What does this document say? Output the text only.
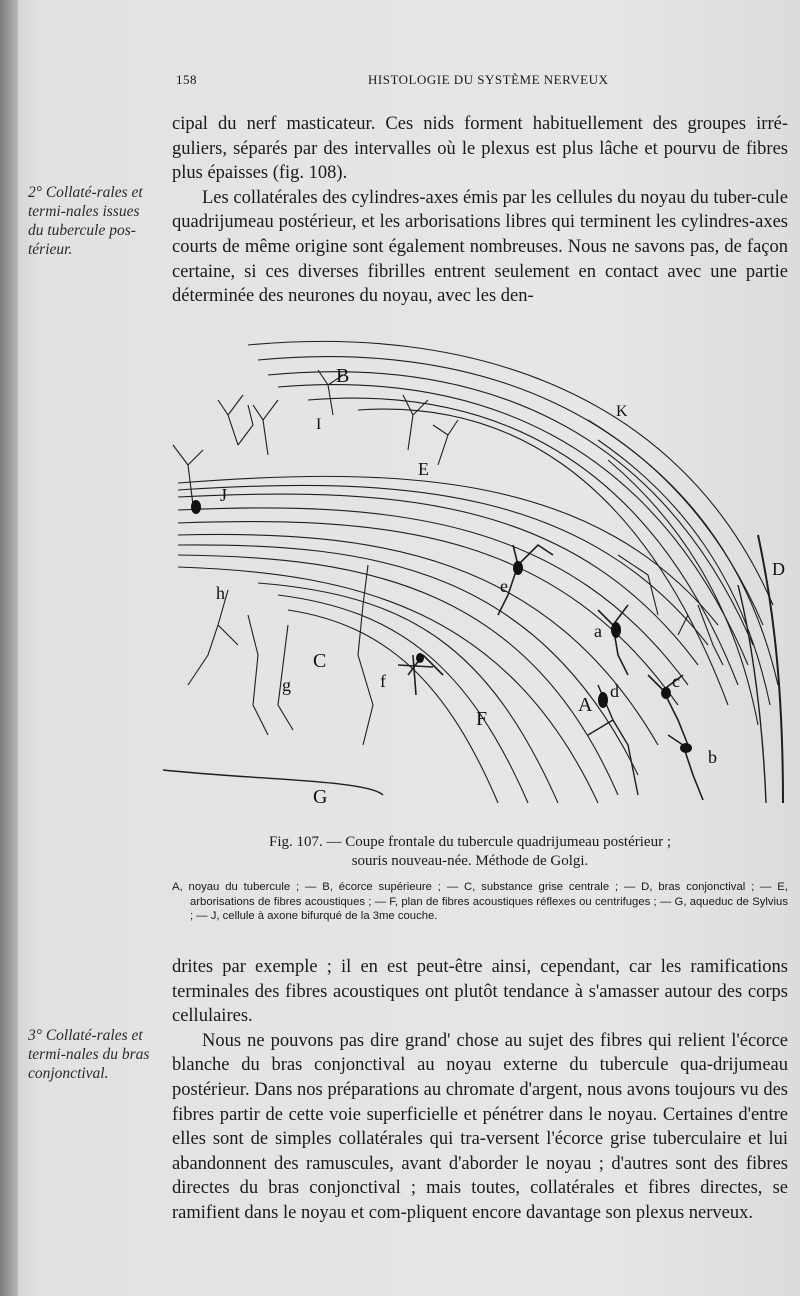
158	HISTOLOGIE DU SYSTÈME NERVEUX
2° Collaté-rales et termi-nales issues du tubercule pos-térieur.

cipal du nerf masticateur. Ces nids forment habituellement des groupes irré-guliers, séparés par des intervalles où le plexus est plus lâche et pourvu de fibres plus épaisses (fig. 108).

Les collatérales des cylindres-axes émis par les cellules du noyau du tuber-cule quadrijumeau postérieur, et les arborisations libres qui terminent les cylindres-axes courts de même origine sont également nombreuses. Nous ne savons pas, de façon certaine, si ces diverses fibrilles entrent seulement en contact avec une partie déterminée des neurones du noyau, avec les den-

B
K
I
E
J
D
h	e
a
C
f
g
A
d	c
b
F
G
Fig. 107. — Coupe frontale du tubercule quadrijumeau postérieur ;
souris nouveau-née. Méthode de Golgi.
A, noyau du tubercule ; — B, écorce supérieure ; — C, substance grise centrale ; — D, bras conjonctival ; — E, arborisations de fibres acoustiques ; — F, plan de fibres acoustiques réflexes ou centrifuges ; — G, aqueduc de Sylvius ; — J, cellule à axone bifurqué de la 3me couche.
3° Collaté-rales et termi-nales du bras conjonctival.

drites par exemple ; il en est peut-être ainsi, cependant, car les ramifications terminales des fibres acoustiques ont plutôt tendance à s'amasser autour des corps cellulaires.

Nous ne pouvons pas dire grand' chose au sujet des fibres qui relient l'écorce blanche du bras conjonctival au noyau externe du tubercule qua-drijumeau postérieur. Dans nos préparations au chromate d'argent, nous avons toujours vu des fibres partir de cette voie superficielle et pénétrer dans le noyau. Certaines d'entre elles sont de simples collatérales qui tra-versent l'écorce grise tuberculaire et lui abandonnent des ramuscules, avant d'aborder le noyau ; d'autres sont des fibres directes du bras conjonctival ; mais toutes, collatérales et fibres directes, se ramifient dans le noyau et com-pliquent encore davantage son plexus nerveux.
